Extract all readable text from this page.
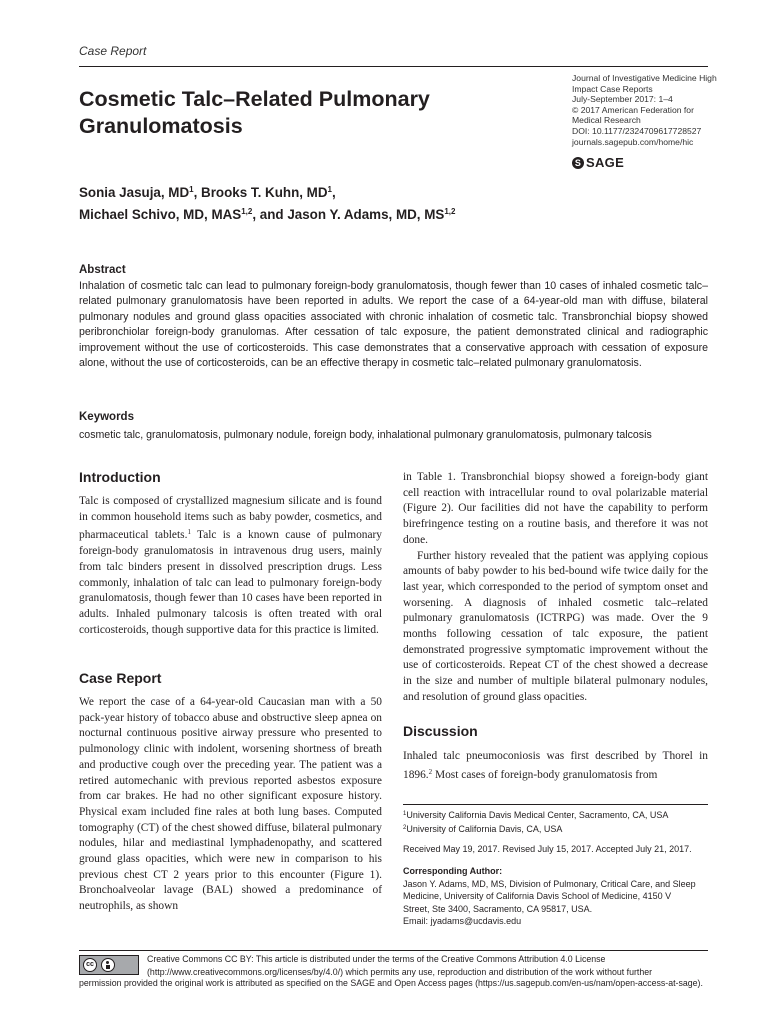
Case Report
Cosmetic Talc–Related Pulmonary Granulomatosis
Journal of Investigative Medicine High
Impact Case Reports
July-September 2017: 1–4
© 2017 American Federation for
Medical Research
DOI: 10.1177/2324709617728527
journals.sagepub.com/home/hic
S SAGE
Sonia Jasuja, $MD^1$, Brooks T. Kuhn, $MD^1$,
Michael Schivo, MD, MAS$^{1,2}$, and Jason Y. Adams, MD, MS$^{1,2}$
Abstract
Inhalation of cosmetic talc can lead to pulmonary foreign-body granulomatosis, though fewer than 10 cases of inhaled cosmetic talc–related pulmonary granulomatosis have been reported in adults. We report the case of a 64-year-old man with diffuse, bilateral pulmonary nodules and ground glass opacities associated with chronic inhalation of cosmetic talc. Transbronchial biopsy showed peribronchiolar foreign-body granulomas. After cessation of talc exposure, the patient demonstrated clinical and radiographic improvement without the use of corticosteroids. This case demonstrates that a conservative approach with cessation of exposure alone, without the use of corticosteroids, can be an effective therapy in cosmetic talc–related pulmonary granulomatosis.
Keywords
cosmetic talc, granulomatosis, pulmonary nodule, foreign body, inhalational pulmonary granulomatosis, pulmonary talcosis
Introduction

Talc is composed of crystallized magnesium silicate and is found in common household items such as baby powder, cosmetics, and pharmaceutical tablets.$^1$ Talc is a known cause of pulmonary foreign-body granulomatosis in intravenous drug users, mainly from talc binders present in dissolved prescription drugs. Less commonly, inhalation of talc can lead to pulmonary foreign-body granulomatosis, though fewer than 10 cases have been reported in adults. Inhaled pulmonary talcosis is often treated with oral corticosteroids, though supportive data for this practice is limited.

Case Report

We report the case of a 64-year-old Caucasian man with a 50 pack-year history of tobacco abuse and obstructive sleep apnea on nocturnal continuous positive airway pressure who presented to pulmonology clinic with indolent, worsening shortness of breath and productive cough over the preceding year. The patient was a retired automechanic with previous reported asbestos exposure from car brakes. He had no other significant exposure history. Physical exam included fine rales at both lung bases. Computed tomography (CT) of the chest showed diffuse, bilateral pulmonary nodules, hilar and mediastinal lymphadenopathy, and scattered ground glass opacities, which were new in comparison to his previous chest CT 2 years prior to this encounter (Figure 1). Bronchoalveolar lavage (BAL) showed a predominance of neutrophils, as shown

in Table 1. Transbronchial biopsy showed a foreign-body giant cell reaction with intracellular round to oval polarizable material (Figure 2). Our facilities did not have the capability to perform birefringence testing on a routine basis, and therefore it was not done.

Further history revealed that the patient was applying copious amounts of baby powder to his bed-bound wife twice daily for the last year, which corresponded to the period of symptom onset and worsening. A diagnosis of inhaled cosmetic talc–related pulmonary granulomatosis (ICTRPG) was made. Over the 9 months following cessation of talc exposure, the patient demonstrated progressive symptomatic improvement without the use of corticosteroids. Repeat CT of the chest showed a decrease in the size and number of multiple bilateral pulmonary nodules, and resolution of ground glass opacities.

Discussion

Inhaled talc pneumoconiosis was first described by Thorel in 1896.$^2$ Most cases of foreign-body granulomatosis from

$^1$University California Davis Medical Center, Sacramento, CA, USA
$^2$University of California Davis, CA, USA
Received May 19, 2017. Revised July 15, 2017. Accepted July 21, 2017.
Corresponding Author:
Jason Y. Adams, MD, MS, Division of Pulmonary, Critical Care, and Sleep
Medicine, University of California Davis School of Medicine, 4150 V
Street, Ste 3400, Sacramento, CA 95817, USA.
Email: jyadams@ucdavis.edu
cc
Creative Commons CC BY: This article is distributed under the terms of the Creative Commons Attribution 4.0 License
(http://www.creativecommons.org/licenses/by/4.0/) which permits any use, reproduction and distribution of the work without further
permission provided the original work is attributed as specified on the SAGE and Open Access pages (https://us.sagepub.com/en-us/nam/open-access-at-sage).
